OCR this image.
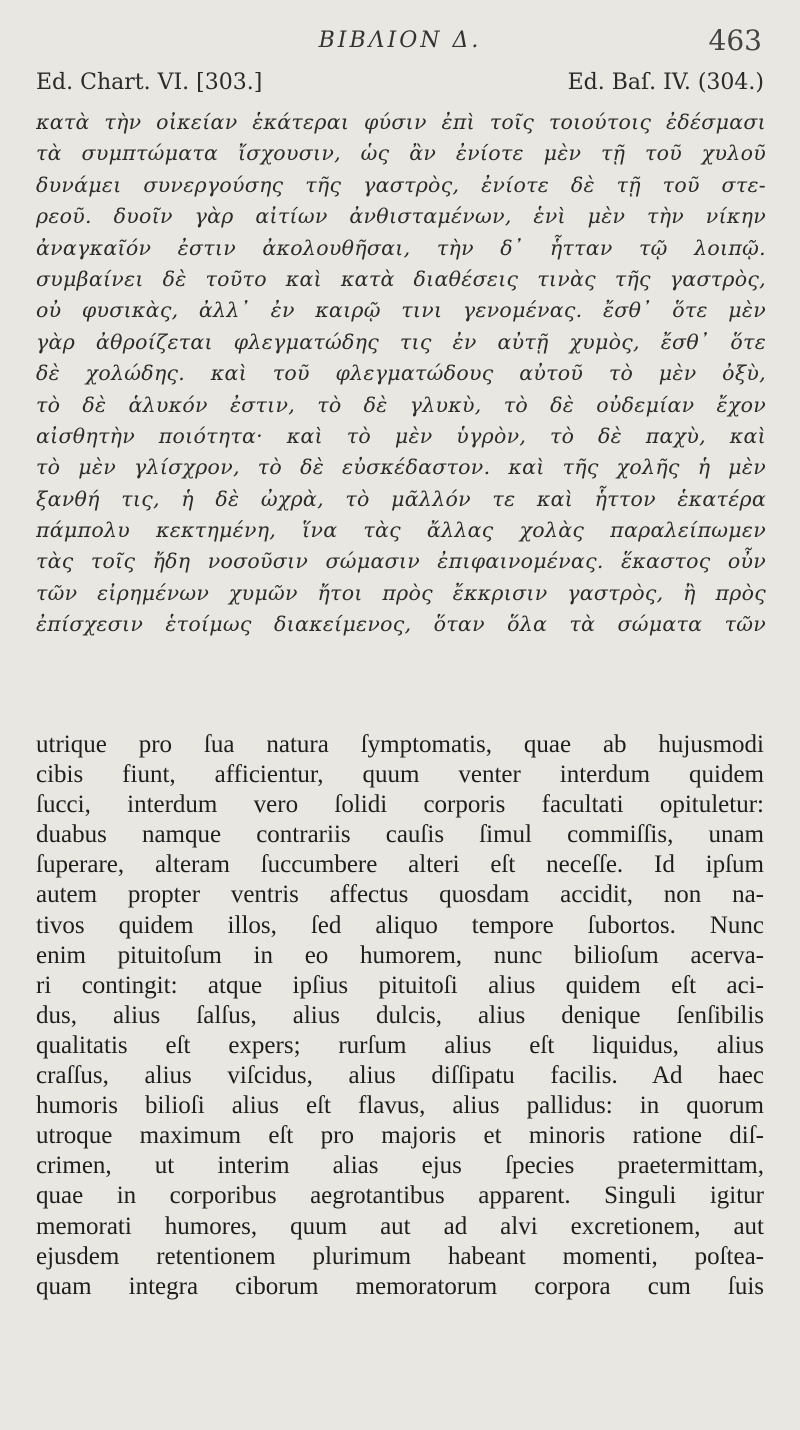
ΒΙΒΛΙΟΝ Δ.	463
Ed. Chart. VI. [303.]	Ed. Baſ. IV. (304.)
κατὰ τὴν οἰκείαν ἑκάτεραι φύσιν ἐπὶ τοῖς τοιούτοις ἐδέσμασι
τὰ συμπτώματα ἴσχουσιν, ὡς ἂν ἐνίοτε μὲν τῇ τοῦ χυλοῦ
δυνάμει συνεργούσης τῆς γαστρὸς, ἐνίοτε δὲ τῇ τοῦ στε-
ρεοῦ. δυοῖν γὰρ αἰτίων ἀνθισταμένων, ἑνὶ μὲν τὴν νίκην
ἀναγκαῖόν ἐστιν ἀκολουθῆσαι, τὴν δ᾽ ἧτταν τῷ λοιπῷ.
συμβαίνει δὲ τοῦτο καὶ κατὰ διαθέσεις τινὰς τῆς γαστρὸς,
οὐ φυσικὰς, ἀλλ᾽ ἐν καιρῷ τινι γενομένας. ἔσθ᾽ ὅτε μὲν
γὰρ ἀθροίζεται φλεγματώδης τις ἐν αὐτῇ χυμὸς, ἔσθ᾽ ὅτε
δὲ χολώδης. καὶ τοῦ φλεγματώδους αὐτοῦ τὸ μὲν ὀξὺ,
τὸ δὲ ἁλυκόν ἐστιν, τὸ δὲ γλυκὺ, τὸ δὲ οὐδεμίαν ἔχον
αἰσθητὴν ποιότητα· καὶ τὸ μὲν ὑγρὸν, τὸ δὲ παχὺ, καὶ
τὸ μὲν γλίσχρον, τὸ δὲ εὐσκέδαστον. καὶ τῆς χολῆς ἡ μὲν
ξανθή τις, ἡ δὲ ὠχρὰ, τὸ μᾶλλόν τε καὶ ἧττον ἑκατέρα
πάμπολυ κεκτημένη, ἵνα τὰς ἄλλας χολὰς παραλείπωμεν
τὰς τοῖς ἤδη νοσοῦσιν σώμασιν ἐπιφαινομένας. ἕκαστος οὖν
τῶν εἰρημένων χυμῶν ἤτοι πρὸς ἔκκρισιν γαστρὸς, ἢ πρὸς
ἐπίσχεσιν ἑτοίμως διακείμενος, ὅταν ὅλα τὰ σώματα τῶν
utrique pro ſua natura ſymptomatis, quae ab hujusmodi
cibis fiunt, afficientur, quum venter interdum quidem
ſucci, interdum vero ſolidi corporis facultati opituletur:
duabus namque contrariis cauſis ſimul commiſſis, unam
ſuperare, alteram ſuccumbere alteri eſt neceſſe. Id ipſum
autem propter ventris affectus quosdam accidit, non na-
tivos quidem illos, ſed aliquo tempore ſubortos. Nunc
enim pituitoſum in eo humorem, nunc bilioſum acerva-
ri contingit: atque ipſius pituitoſi alius quidem eſt aci-
dus, alius ſalſus, alius dulcis, alius denique ſenſibilis
qualitatis eſt expers; rurſum alius eſt liquidus, alius
craſſus, alius viſcidus, alius diſſipatu facilis. Ad haec
humoris bilioſi alius eſt flavus, alius pallidus: in quorum
utroque maximum eſt pro majoris et minoris ratione diſ-
crimen, ut interim alias ejus ſpecies praetermittam,
quae in corporibus aegrotantibus apparent. Singuli igitur
memorati humores, quum aut ad alvi excretionem, aut
ejusdem retentionem plurimum habeant momenti, poſtea-
quam integra ciborum memoratorum corpora cum ſuis
